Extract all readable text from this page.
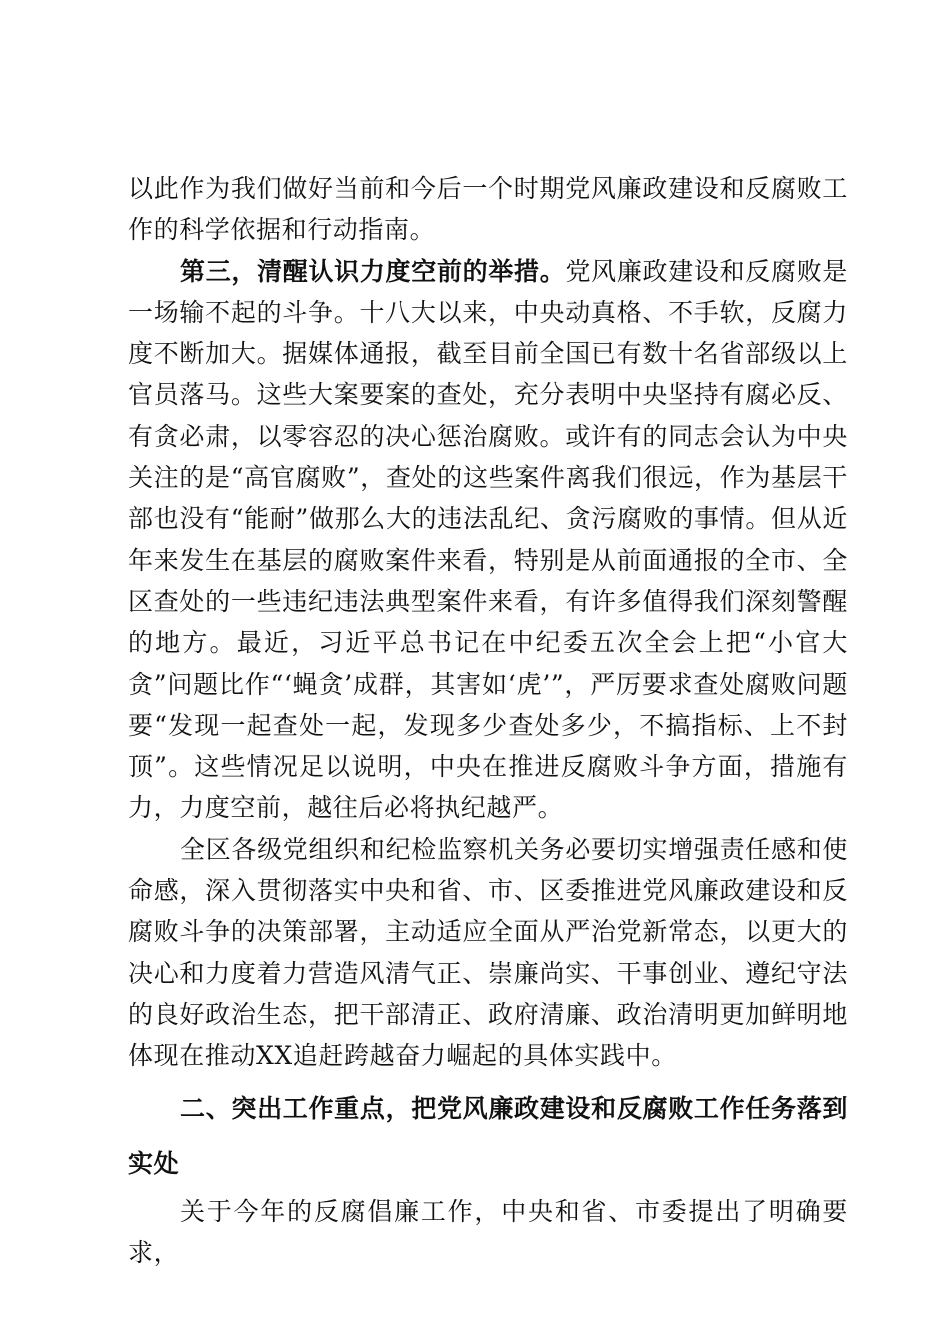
以此作为我们做好当前和今后一个时期党风廉政建设和反腐败工作的科学依据和行动指南。

第三，清醒认识力度空前的举措。党风廉政建设和反腐败是一场输不起的斗争。十八大以来，中央动真格、不手软，反腐力度不断加大。据媒体通报，截至目前全国已有数十名省部级以上官员落马。这些大案要案的查处，充分表明中央坚持有腐必反、有贪必肃，以零容忍的决心惩治腐败。或许有的同志会认为中央关注的是“高官腐败”，查处的这些案件离我们很远，作为基层干部也没有“能耐”做那么大的违法乱纪、贪污腐败的事情。但从近年来发生在基层的腐败案件来看，特别是从前面通报的全市、全区查处的一些违纪违法典型案件来看，有许多值得我们深刻警醒的地方。最近，习近平总书记在中纪委五次全会上把“小官大贪”问题比作“‘蝇贪’成群，其害如‘虎’”，严厉要求查处腐败问题要“发现一起查处一起，发现多少查处多少，不搞指标、上不封顶”。这些情况足以说明，中央在推进反腐败斗争方面，措施有力，力度空前，越往后必将执纪越严。

全区各级党组织和纪检监察机关务必要切实增强责任感和使命感，深入贯彻落实中央和省、市、区委推进党风廉政建设和反腐败斗争的决策部署，主动适应全面从严治党新常态，以更大的决心和力度着力营造风清气正、崇廉尚实、干事创业、遵纪守法的良好政治生态，把干部清正、政府清廉、政治清明更加鲜明地体现在推动XX追赶跨越奋力崛起的具体实践中。

二、突出工作重点，把党风廉政建设和反腐败工作任务落到实处

关于今年的反腐倡廉工作，中央和省、市委提出了明确要求，
